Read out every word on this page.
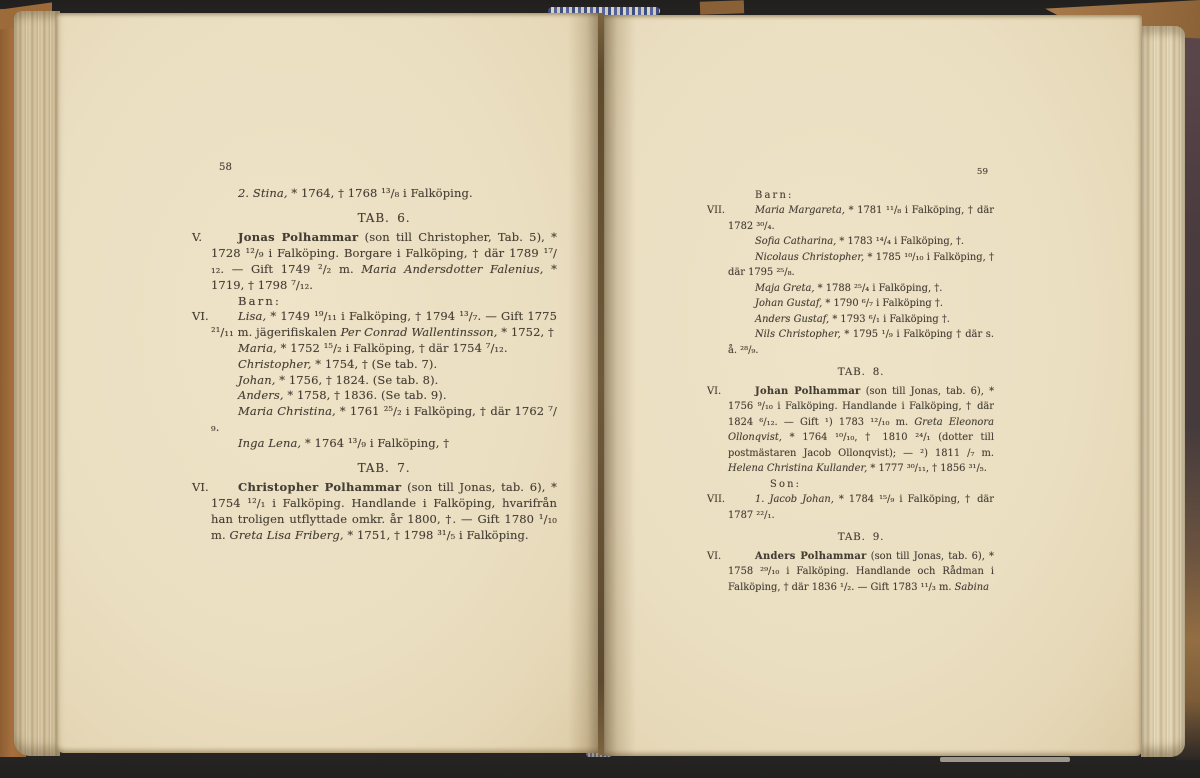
58

2. Stina, * 1764, † 1768 ¹³/₈ i Falköping.

TAB. 6.

V.	Jonas Polhammar (son till Christopher, Tab. 5), * 1728 ¹²/₉ i Falköping. Borgare i Falköping, † där 1789 ¹⁷/₁₂. — Gift 1749 ²/₂ m. Maria Andersdotter Falenius, * 1719, † 1798 ⁷/₁₂.

Barn:

VI.	Lisa, * 1749 ¹⁹/₁₁ i Falköping, † 1794 ¹³/₇. — Gift 1775 ²¹/₁₁ m. jägerifiskalen Per Conrad Wallentinsson, * 1752, †

Maria, * 1752 ¹⁵/₂ i Falköping, † där 1754 ⁷/₁₂.

Christopher, * 1754, † (Se tab. 7).

Johan, * 1756, † 1824. (Se tab. 8).

Anders, * 1758, † 1836. (Se tab. 9).

Maria Christina, * 1761 ²⁵/₂ i Falköping, † där 1762 ⁷/₉.

Inga Lena, * 1764 ¹³/₉ i Falköping, †

TAB. 7.

VI.	Christopher Polhammar (son till Jonas, tab. 6), * 1754 ¹²/₁ i Falköping. Handlande i Falköping, hvarifrån han troligen utflyttade omkr. år 1800, †. — Gift 1780 ¹/₁₀ m. Greta Lisa Friberg, * 1751, † 1798 ³¹/₅ i Falköping.

59

Barn:

VII.	Maria Margareta, * 1781 ¹¹/₈ i Falköping, † där 1782 ³⁰/₄.

Sofia Catharina, * 1783 ¹⁴/₄ i Falköping, †.

Nicolaus Christopher, * 1785 ¹⁰/₁₀ i Falköping, † där 1795 ²⁵/₈.

Maja Greta, * 1788 ²⁵/₄ i Falköping, †.

Johan Gustaf, * 1790 ⁶/₇ i Falköping †.

Anders Gustaf, * 1793 ⁶/₁ i Falköping †.

Nils Christopher, * 1795 ¹/₉ i Falköping † där s. å. ²⁸/₉.

TAB. 8.

VI.	Johan Polhammar (son till Jonas, tab. 6), * 1756 ⁹/₁₀ i Falköping. Handlande i Falköping, † där 1824 ⁶/₁₂. — Gift ¹) 1783 ¹²/₁₀ m. Greta Eleonora Ollonqvist, * 1764 ¹⁰/₁₀, † 1810 ²⁴/₁ (dotter till postmästaren Jacob Ollonqvist); — ²) 1811 /₇ m. Helena Christina Kullander, * 1777 ³⁰/₁₁, † 1856 ³¹/₅.

Son:

VII.	1. Jacob Johan, * 1784 ¹⁵/₉ i Falköping, † där 1787 ²²/₁.

TAB. 9.

VI.	Anders Polhammar (son till Jonas, tab. 6), * 1758 ²⁹/₁₀ i Falköping. Handlande och Rådman i Falköping, † där 1836 ¹/₂. — Gift 1783 ¹¹/₃ m. Sabina
